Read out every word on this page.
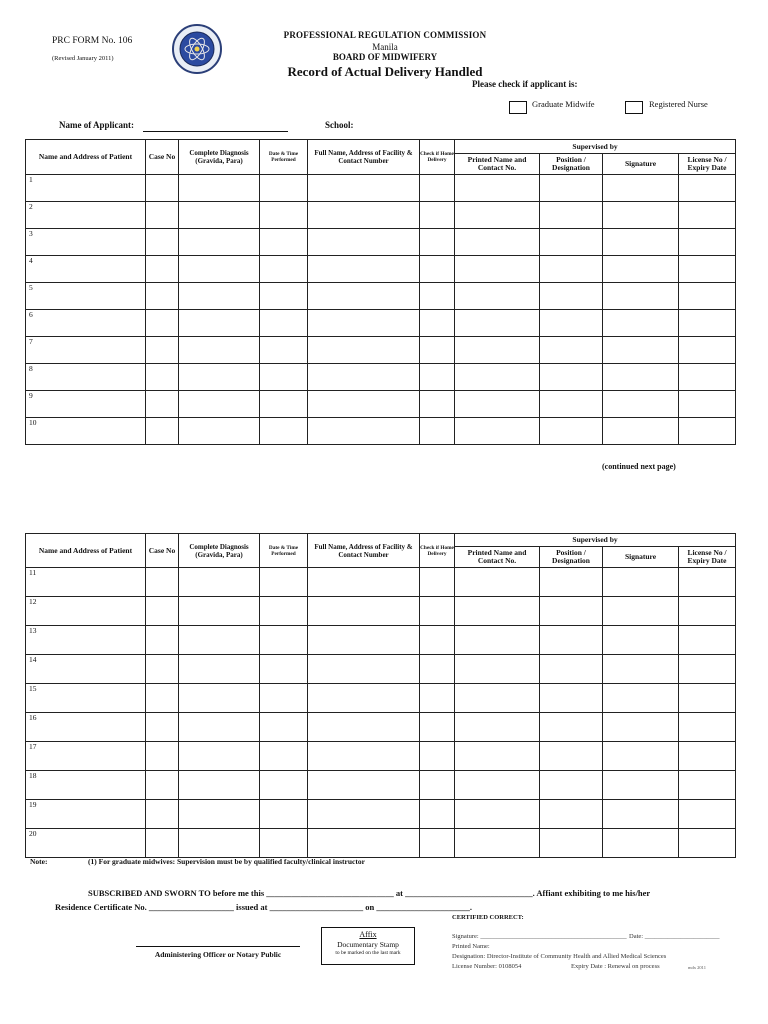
PRC FORM No. 106
(Revised January 2011)
PROFESSIONAL REGULATION COMMISSION
Manila
BOARD OF MIDWIFERY
Record of Actual Delivery Handled
Please check if applicant is:
Graduate Midwife	Registered Nurse
Name of Applicant:	School:
Name and Address of Patient	Case No	Complete Diagnosis (Gravida, Para)	Date & Time Performed	Full Name, Address of Facility & Contact Number	Check if Home Delivery	Supervised by			
						Printed Name and Contact No.	Position / Designation	Signature	License No / Expiry Date
1									
2									
3									
4									
5									
6									
7									
8									
9									
10									
(continued next page)
Name and Address of Patient	Case No	Complete Diagnosis (Gravida, Para)	Date & Time Performed	Full Name, Address of Facility & Contact Number	Check if Home Delivery	Supervised by			
						Printed Name and Contact No.	Position / Designation	Signature	License No / Expiry Date
11									
12									
13									
14									
15									
16									
17									
18									
19									
20									
Note:	(1) For graduate midwives: Supervision must be by qualified faculty/clinical instructor
SUBSCRIBED AND SWORN TO before me this ______________________________ at ______________________________. Affiant exhibiting to me his/her
Residence Certificate No. ____________________ issued at ______________________ on ______________________.
Administering Officer or Notary Public
Affix
Documentary Stamp
to be marked on the last mark
CERTIFIED CORRECT:
Signature: _____________________________________________ Date: _______________________
Printed Name:
Designation: Director-Institute of Community Health and Allied Medical Sciences
License Number: 0108054	Expiry Date : Renewal on process	mdx 2011
